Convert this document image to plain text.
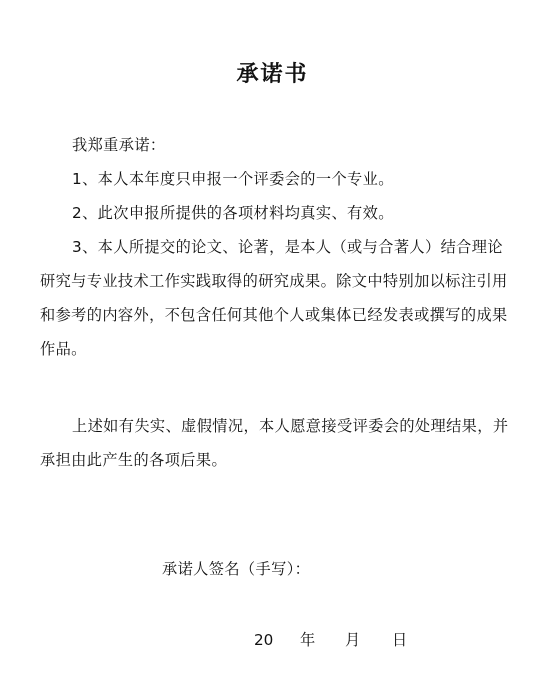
承诺书

我郑重承诺：

1、本人本年度只申报一个评委会的一个专业。

2、此次申报所提供的各项材料均真实、有效。

3、本人所提交的论文、论著，是本人（或与合著人）结合理论研究与专业技术工作实践取得的研究成果。除文中特别加以标注引用和参考的内容外，不包含任何其他个人或集体已经发表或撰写的成果作品。

上述如有失实、虚假情况，本人愿意接受评委会的处理结果，并承担由此产生的各项后果。

承诺人签名（手写）：
20 年 月 日
